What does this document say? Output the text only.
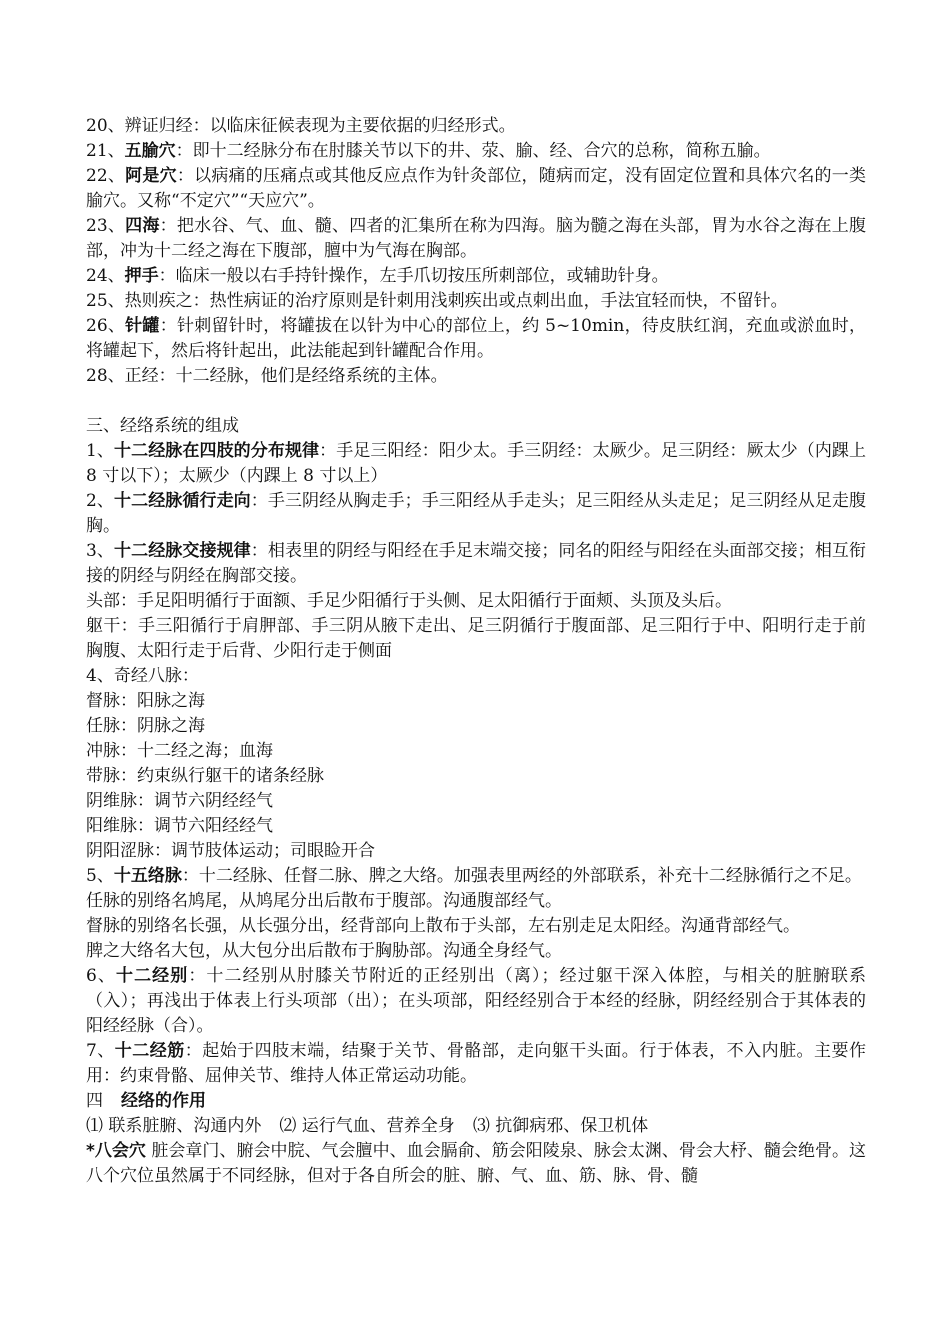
20、辨证归经：以临床征候表现为主要依据的归经形式。

21、五腧穴：即十二经脉分布在肘膝关节以下的井、荥、腧、经、合穴的总称，简称五腧。

22、阿是穴：以病痛的压痛点或其他反应点作为针灸部位，随病而定，没有固定位置和具体穴名的一类腧穴。又称“不定穴”“天应穴”。

23、四海：把水谷、气、血、髓、四者的汇集所在称为四海。脑为髓之海在头部，胃为水谷之海在上腹部，冲为十二经之海在下腹部，膻中为气海在胸部。

24、押手：临床一般以右手持针操作，左手爪切按压所刺部位，或辅助针身。

25、热则疾之：热性病证的治疗原则是针刺用浅刺疾出或点刺出血，手法宜轻而快，不留针。

26、针罐：针刺留针时，将罐拔在以针为中心的部位上，约 5~10min，待皮肤红润，充血或淤血时，将罐起下，然后将针起出，此法能起到针罐配合作用。

28、正经：十二经脉，他们是经络系统的主体。

三、经络系统的组成

1、十二经脉在四肢的分布规律：手足三阳经：阳少太。手三阴经：太厥少。足三阴经：厥太少（内踝上 8 寸以下）；太厥少（内踝上 8 寸以上）

2、十二经脉循行走向：手三阴经从胸走手；手三阳经从手走头；足三阳经从头走足；足三阴经从足走腹胸。

3、十二经脉交接规律：相表里的阴经与阳经在手足末端交接；同名的阳经与阳经在头面部交接；相互衔接的阴经与阴经在胸部交接。

头部：手足阳明循行于面额、手足少阳循行于头侧、足太阳循行于面颊、头顶及头后。

躯干：手三阳循行于肩胛部、手三阴从腋下走出、足三阴循行于腹面部、足三阳行于中、阳明行走于前胸腹、太阳行走于后背、少阳行走于侧面

4、奇经八脉：

督脉：阳脉之海

任脉：阴脉之海

冲脉：十二经之海；血海

带脉：约束纵行躯干的诸条经脉

阴维脉：调节六阴经经气

阳维脉：调节六阳经经气

阴阳涩脉：调节肢体运动；司眼睑开合

5、十五络脉：十二经脉、任督二脉、脾之大络。加强表里两经的外部联系，补充十二经脉循行之不足。

任脉的别络名鸠尾，从鸠尾分出后散布于腹部。沟通腹部经气。

督脉的别络名长强，从长强分出，经背部向上散布于头部，左右别走足太阳经。沟通背部经气。

脾之大络名大包，从大包分出后散布于胸胁部。沟通全身经气。

6、十二经别：十二经别从肘膝关节附近的正经别出（离）；经过躯干深入体腔，与相关的脏腑联系（入）；再浅出于体表上行头项部（出）；在头项部，阳经经别合于本经的经脉，阴经经别合于其体表的阳经经脉（合）。

7、十二经筋：起始于四肢末端，结聚于关节、骨骼部，走向躯干头面。行于体表，不入内脏。主要作用：约束骨骼、屈伸关节、维持人体正常运动功能。

四 经络的作用

⑴ 联系脏腑、沟通内外 ⑵ 运行气血、营养全身 ⑶ 抗御病邪、保卫机体

*八会穴 脏会章门、腑会中脘、气会膻中、血会膈俞、筋会阳陵泉、脉会太渊、骨会大杼、髓会绝骨。这八个穴位虽然属于不同经脉，但对于各自所会的脏、腑、气、血、筋、脉、骨、髓
